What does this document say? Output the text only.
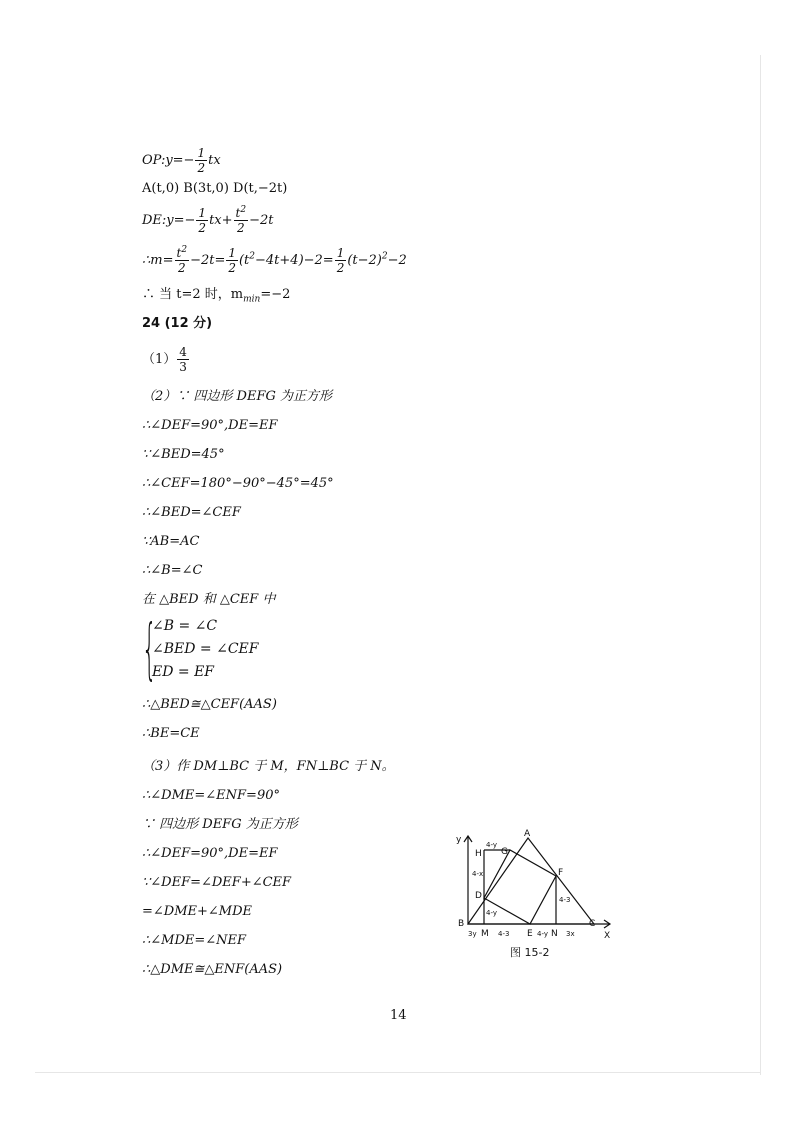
OP:y=− $\frac{1}{2}$ tx
A(t,0) B(3t,0) D(t,−2t)
DE:y=− $\frac{1}{2} tx+ \frac{t^2}{2} -2t$
∴m= $\frac{t^2}{2} -2t= \frac{1}{2} (t^2-4t+4)-2= \frac{1}{2} (t-2)^2-2$
∴ 当 t=2 时，$m_{min}=-2$
24 (12 分)
$(1) \frac{4}{3}$
（2）∵ 四边形 DEFG 为正方形
∴∠DEF=90°,DE=EF
∵∠BED=45°
∴∠CEF=180°−90°−45°=45°
∴∠BED=∠CEF
∵AB=AC
∴∠B=∠C
在 △BED 和 △CEF 中
{
∠B = ∠C
∠BED = ∠CEF
ED = EF
∴△BED≅△CEF(AAS)
∴BE=CE
（3）作 DM⊥BC 于 M，FN⊥BC 于 N。
∴∠DME=∠ENF=90°
∵ 四边形 DEFG 为正方形
∴∠DEF=90°,DE=EF
∵∠DEF=∠DEF+∠CEF
=∠DME+∠MDE
∴∠MDE=∠NEF
∴△DME≅△ENF(AAS)
y
X
A
B	C
D
E
F
G
H
M	N
4-y
4-x
4-y
3y	4-3	4-y
4-3
3x
图 15-2
14
